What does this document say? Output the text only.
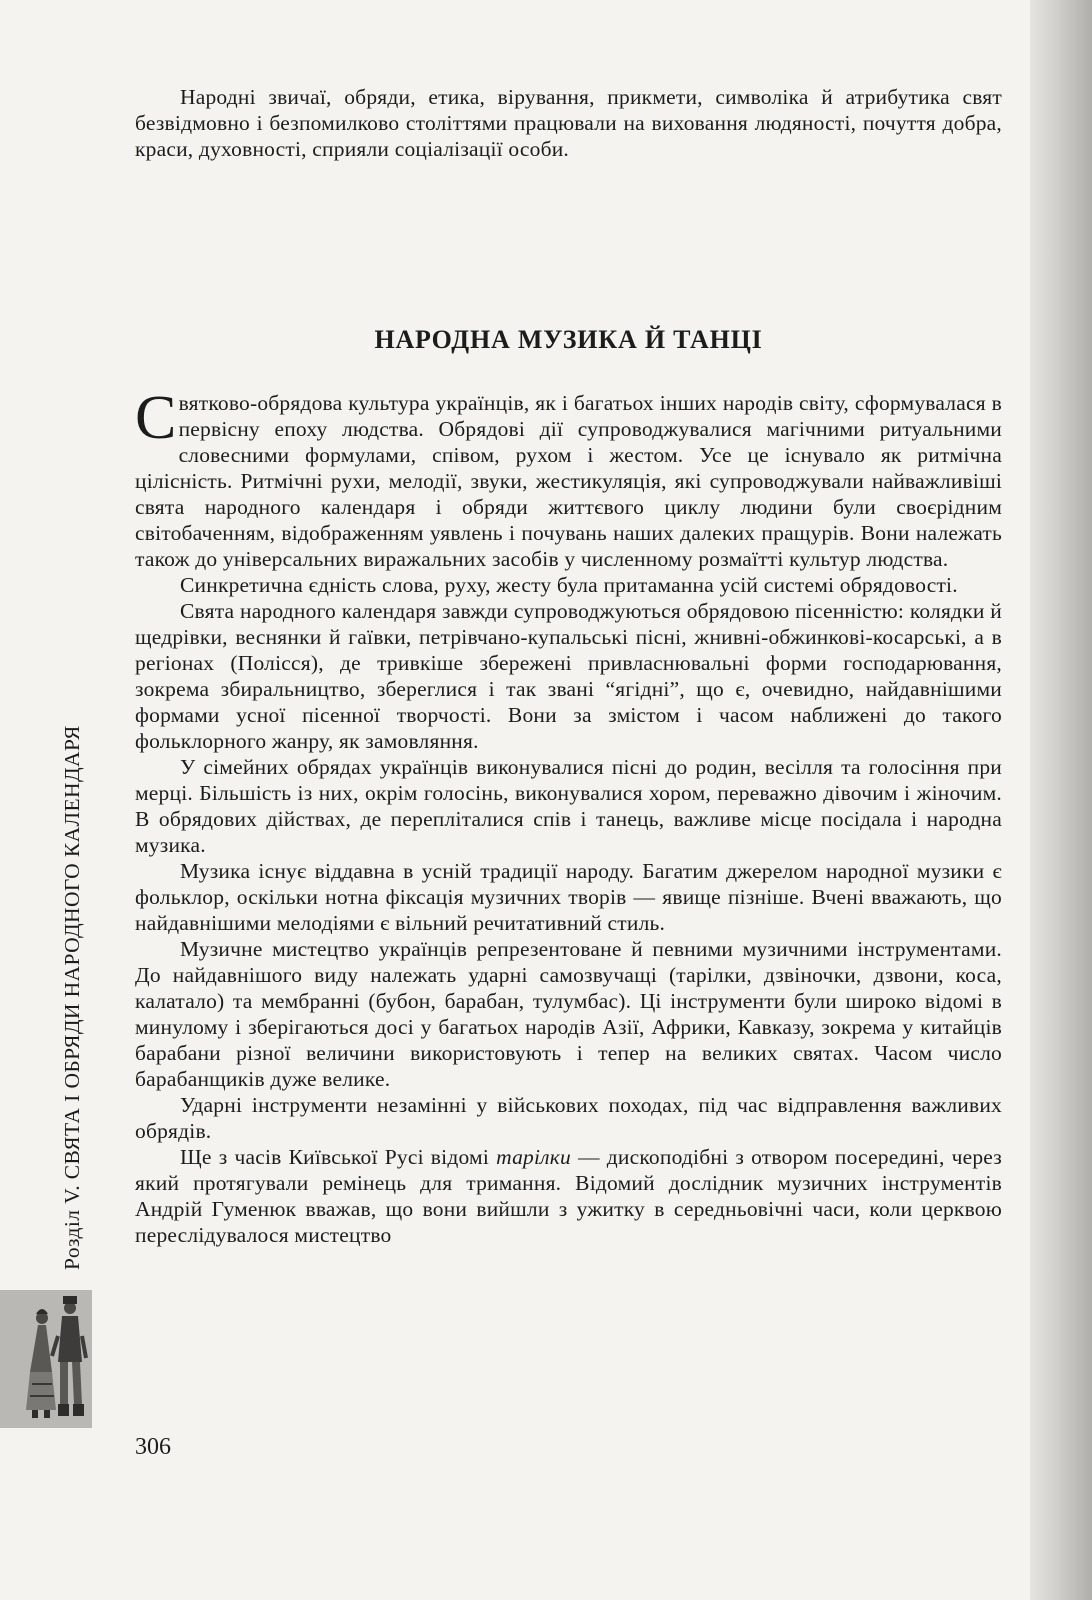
Народні звичаї, обряди, етика, вірування, прикмети, символіка й атрибутика свят безвідмовно і безпомилково століттями працювали на виховання людяності, почуття добра, краси, духовності, сприяли соціалізації особи.

НАРОДНА МУЗИКА Й ТАНЦІ

Святково-обрядова культура українців, як і багатьох інших народів світу, сформувалася в первісну епоху людства. Обрядові дії супроводжувалися магічними ритуальними словесними формулами, співом, рухом і жестом. Усе це існувало як ритмічна цілісність. Ритмічні рухи, мелодії, звуки, жестикуляція, які супроводжували найважливіші свята народного календаря і обряди життєвого циклу людини були своєрідним світобаченням, відображенням уявлень і почувань наших далеких пращурів. Вони належать також до універсальних виражальних засобів у численному розмаїтті культур людства.

Синкретична єдність слова, руху, жесту була притаманна усій системі обрядовості.

Свята народного календаря завжди супроводжуються обрядовою пісенністю: колядки й щедрівки, веснянки й гаївки, петрівчано-купальські пісні, жнивні-обжинкові-косарські, а в регіонах (Полісся), де тривкіше збережені привласнювальні форми господарювання, зокрема збиральництво, збереглися і так звані “ягідні”, що є, очевидно, найдавнішими формами усної пісенної творчості. Вони за змістом і часом наближені до такого фольклорного жанру, як замовляння.

У сімейних обрядах українців виконувалися пісні до родин, весілля та голосіння при мерці. Більшість із них, окрім голосінь, виконувалися хором, переважно дівочим і жіночим. В обрядових дійствах, де перепліталися спів і танець, важливе місце посідала і народна музика.

Музика існує віддавна в усній традиції народу. Багатим джерелом народної музики є фольклор, оскільки нотна фіксація музичних творів — явище пізніше. Вчені вважають, що найдавнішими мелодіями є вільний речитативний стиль.

Музичне мистецтво українців репрезентоване й певними музичними інструментами. До найдавнішого виду належать ударні самозвучащі (тарілки, дзвіночки, дзвони, коса, калатало) та мембранні (бубон, барабан, тулумбас). Ці інструменти були широко відомі в минулому і зберігаються досі у багатьох народів Азії, Африки, Кавказу, зокрема у китайців барабани різної величини використовують і тепер на великих святах. Часом число барабанщиків дуже велике.

Ударні інструменти незамінні у військових походах, під час відправлення важливих обрядів.

Ще з часів Київської Русі відомі тарілки — дископодібні з отвором посередині, через який протягували ремінець для тримання. Відомий дослідник музичних інструментів Андрій Гуменюк вважав, що вони вийшли з ужитку в середньовічні часи, коли церквою переслідувалося мистецтво

Розділ V. СВЯТА І ОБРЯДИ НАРОДНОГО КАЛЕНДАРЯ
306
